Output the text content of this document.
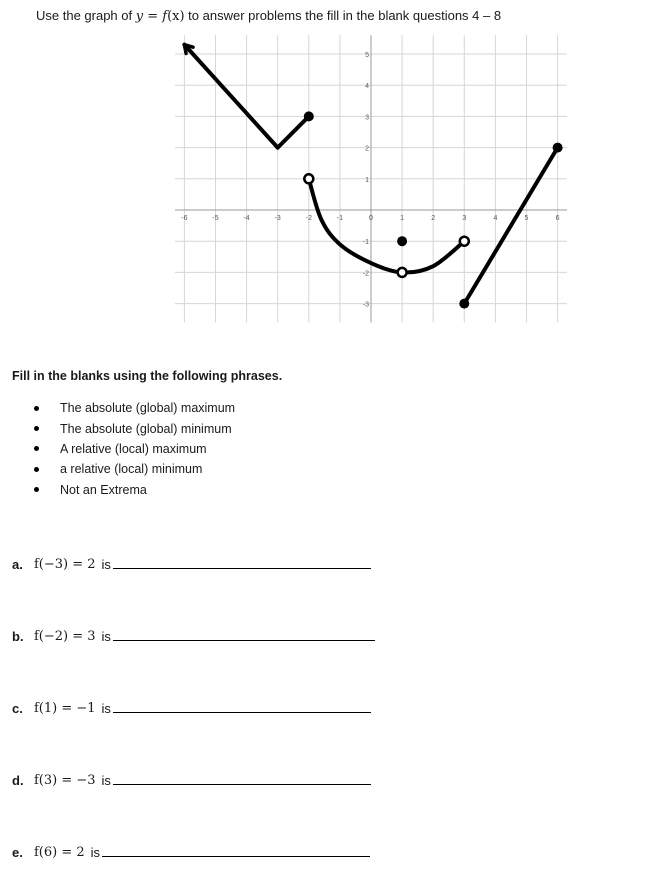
Use the graph of y = f(x) to answer problems the fill in the blank questions 4 – 8
-6	-5	-4	-3	-2	-1	0	1	2	3	4	5	6
5
4
3
2
1
-1
-2
-3
Fill in the blanks using the following phrases.
The absolute (global) maximum
The absolute (global) minimum
A relative (local) maximum
a relative (local) minimum
Not an Extrema
a. f(−3) = 2 is
b. f(−2) = 3 is
c. f(1) = −1 is
d. f(3) = −3 is
e. f(6) = 2 is
